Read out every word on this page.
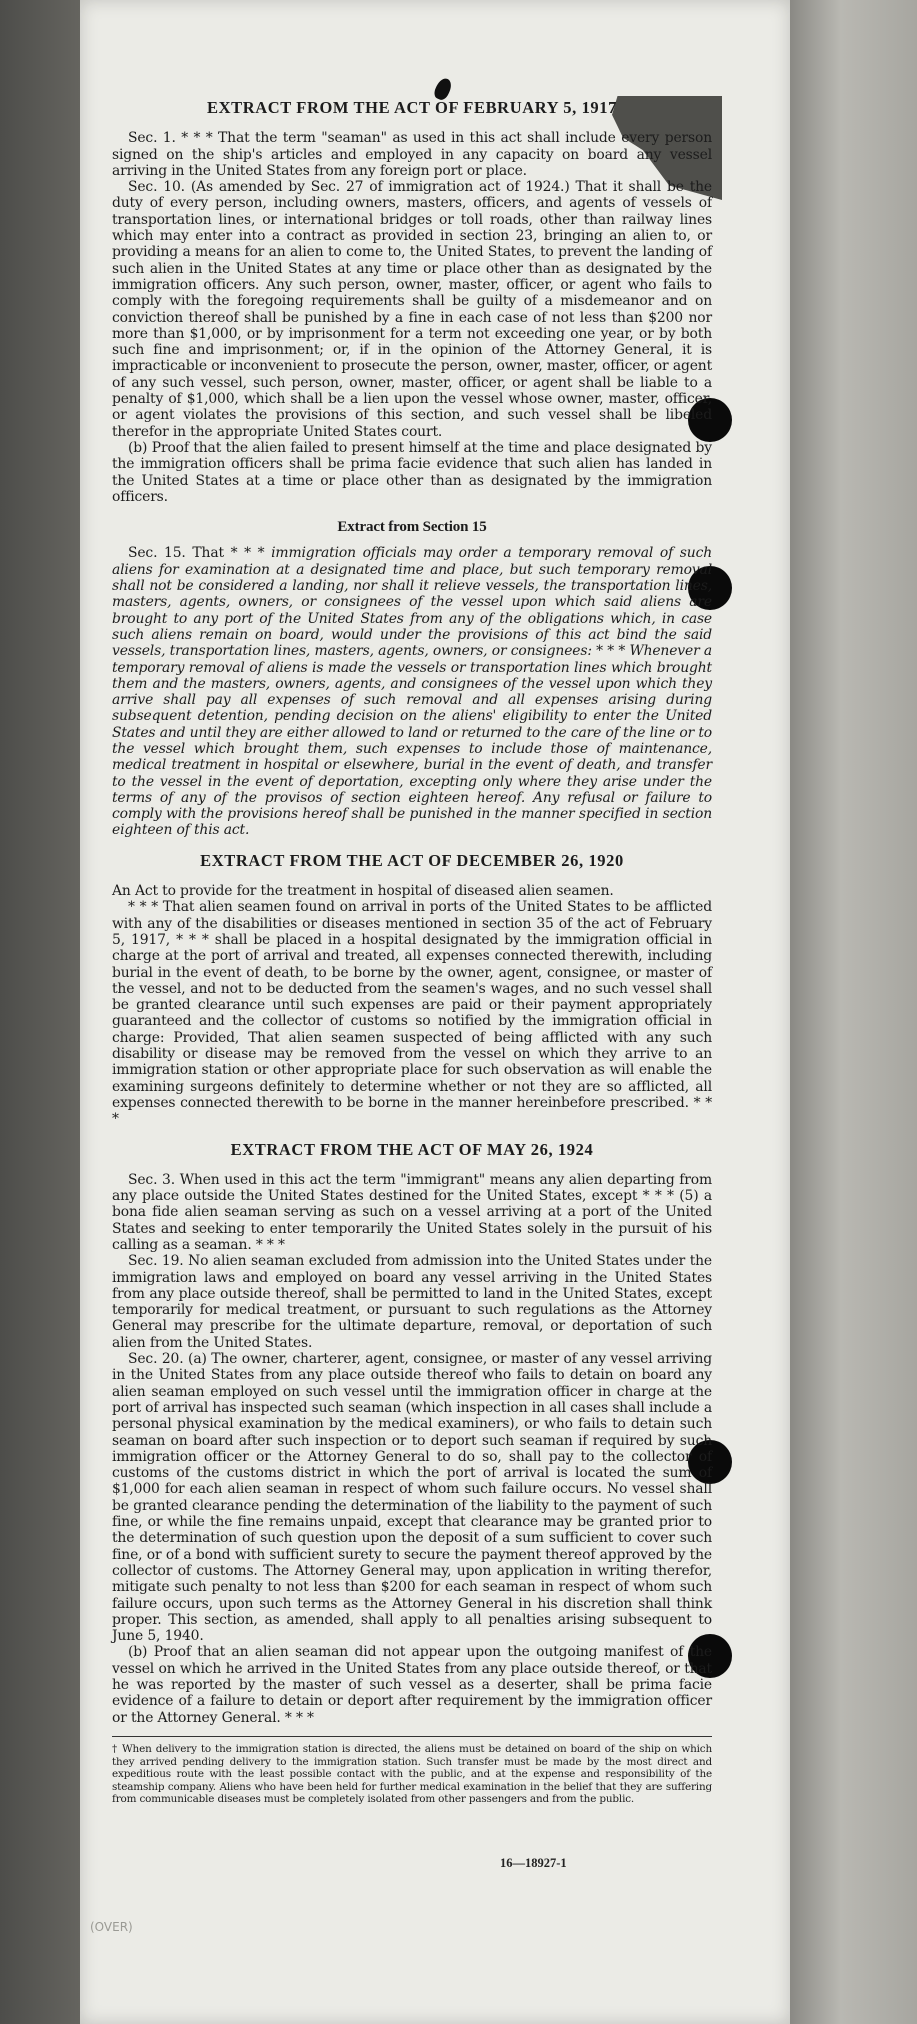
EXTRACT FROM THE ACT OF FEBRUARY 5, 1917

Sec. 1. * * * That the term "seaman" as used in this act shall include every person signed on the ship's articles and employed in any capacity on board any vessel arriving in the United States from any foreign port or place.

Sec. 10. (As amended by Sec. 27 of immigration act of 1924.) That it shall be the duty of every person, including owners, masters, officers, and agents of vessels of transportation lines, or international bridges or toll roads, other than railway lines which may enter into a contract as provided in section 23, bringing an alien to, or providing a means for an alien to come to, the United States, to prevent the landing of such alien in the United States at any time or place other than as designated by the immigration officers. Any such person, owner, master, officer, or agent who fails to comply with the foregoing requirements shall be guilty of a misdemeanor and on conviction thereof shall be punished by a fine in each case of not less than $200 nor more than $1,000, or by imprisonment for a term not exceeding one year, or by both such fine and imprisonment; or, if in the opinion of the Attorney General, it is impracticable or inconvenient to prosecute the person, owner, master, officer, or agent of any such vessel, such person, owner, master, officer, or agent shall be liable to a penalty of $1,000, which shall be a lien upon the vessel whose owner, master, officer, or agent violates the provisions of this section, and such vessel shall be libeled therefor in the appropriate United States court.

(b) Proof that the alien failed to present himself at the time and place designated by the immigration officers shall be prima facie evidence that such alien has landed in the United States at a time or place other than as designated by the immigration officers.

Extract from Section 15

Sec. 15. That * * * immigration officials may order a temporary removal of such aliens for examination at a designated time and place, but such temporary removal shall not be considered a landing, nor shall it relieve vessels, the transportation lines, masters, agents, owners, or consignees of the vessel upon which said aliens are brought to any port of the United States from any of the obligations which, in case such aliens remain on board, would under the provisions of this act bind the said vessels, transportation lines, masters, agents, owners, or consignees: * * * Whenever a temporary removal of aliens is made the vessels or transportation lines which brought them and the masters, owners, agents, and consignees of the vessel upon which they arrive shall pay all expenses of such removal and all expenses arising during subsequent detention, pending decision on the aliens' eligibility to enter the United States and until they are either allowed to land or returned to the care of the line or to the vessel which brought them, such expenses to include those of maintenance, medical treatment in hospital or elsewhere, burial in the event of death, and transfer to the vessel in the event of deportation, excepting only where they arise under the terms of any of the provisos of section eighteen hereof. Any refusal or failure to comply with the provisions hereof shall be punished in the manner specified in section eighteen of this act.

EXTRACT FROM THE ACT OF DECEMBER 26, 1920

An Act to provide for the treatment in hospital of diseased alien seamen.

* * * That alien seamen found on arrival in ports of the United States to be afflicted with any of the disabilities or diseases mentioned in section 35 of the act of February 5, 1917, * * * shall be placed in a hospital designated by the immigration official in charge at the port of arrival and treated, all expenses connected therewith, including burial in the event of death, to be borne by the owner, agent, consignee, or master of the vessel, and not to be deducted from the seamen's wages, and no such vessel shall be granted clearance until such expenses are paid or their payment appropriately guaranteed and the collector of customs so notified by the immigration official in charge: Provided, That alien seamen suspected of being afflicted with any such disability or disease may be removed from the vessel on which they arrive to an immigration station or other appropriate place for such observation as will enable the examining surgeons definitely to determine whether or not they are so afflicted, all expenses connected therewith to be borne in the manner hereinbefore prescribed. * * *

EXTRACT FROM THE ACT OF MAY 26, 1924

Sec. 3. When used in this act the term "immigrant" means any alien departing from any place outside the United States destined for the United States, except * * * (5) a bona fide alien seaman serving as such on a vessel arriving at a port of the United States and seeking to enter temporarily the United States solely in the pursuit of his calling as a seaman. * * *

Sec. 19. No alien seaman excluded from admission into the United States under the immigration laws and employed on board any vessel arriving in the United States from any place outside thereof, shall be permitted to land in the United States, except temporarily for medical treatment, or pursuant to such regulations as the Attorney General may prescribe for the ultimate departure, removal, or deportation of such alien from the United States.

Sec. 20. (a) The owner, charterer, agent, consignee, or master of any vessel arriving in the United States from any place outside thereof who fails to detain on board any alien seaman employed on such vessel until the immigration officer in charge at the port of arrival has inspected such seaman (which inspection in all cases shall include a personal physical examination by the medical examiners), or who fails to detain such seaman on board after such inspection or to deport such seaman if required by such immigration officer or the Attorney General to do so, shall pay to the collector of customs of the customs district in which the port of arrival is located the sum of $1,000 for each alien seaman in respect of whom such failure occurs. No vessel shall be granted clearance pending the determination of the liability to the payment of such fine, or while the fine remains unpaid, except that clearance may be granted prior to the determination of such question upon the deposit of a sum sufficient to cover such fine, or of a bond with sufficient surety to secure the payment thereof approved by the collector of customs. The Attorney General may, upon application in writing therefor, mitigate such penalty to not less than $200 for each seaman in respect of whom such failure occurs, upon such terms as the Attorney General in his discretion shall think proper. This section, as amended, shall apply to all penalties arising subsequent to June 5, 1940.

(b) Proof that an alien seaman did not appear upon the outgoing manifest of the vessel on which he arrived in the United States from any place outside thereof, or that he was reported by the master of such vessel as a deserter, shall be prima facie evidence of a failure to detain or deport after requirement by the immigration officer or the Attorney General. * * *

† When delivery to the immigration station is directed, the aliens must be detained on board of the ship on which they arrived pending delivery to the immigration station. Such transfer must be made by the most direct and expeditious route with the least possible contact with the public, and at the expense and responsibility of the steamship company. Aliens who have been held for further medical examination in the belief that they are suffering from communicable diseases must be completely isolated from other passengers and from the public.
16—18927-1
(OVER)
